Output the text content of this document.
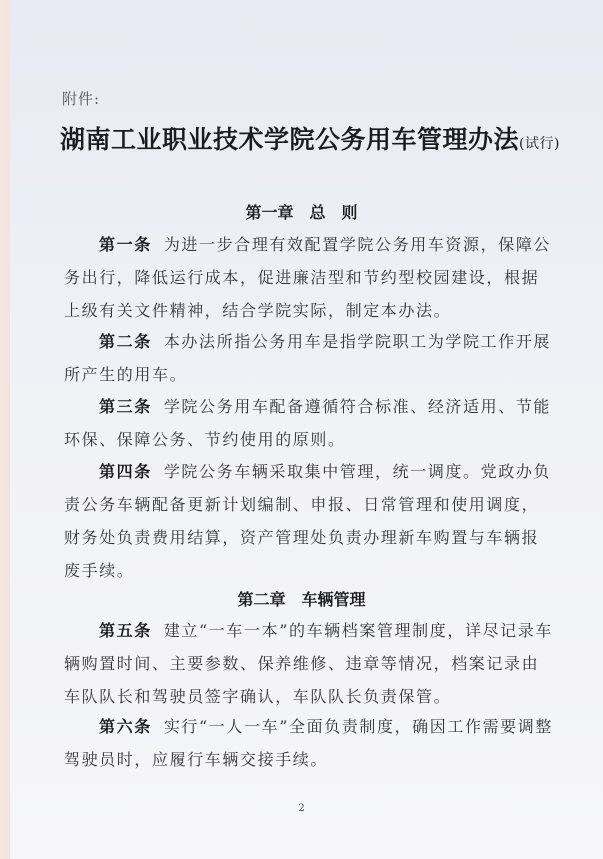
附件:
湖南工业职业技术学院公务用车管理办法(试行)
第一章　总　则
第一条 为进一步合理有效配置学院公务用车资源，保障公务出行，降低运行成本，促进廉洁型和节约型校园建设，根据上级有关文件精神，结合学院实际，制定本办法。
第二条 本办法所指公务用车是指学院职工为学院工作开展所产生的用车。
第三条 学院公务用车配备遵循符合标准、经济适用、节能环保、保障公务、节约使用的原则。
第四条 学院公务车辆采取集中管理，统一调度。党政办负责公务车辆配备更新计划编制、申报、日常管理和使用调度，财务处负责费用结算，资产管理处负责办理新车购置与车辆报废手续。
第二章　车辆管理
第五条 建立“一车一本”的车辆档案管理制度，详尽记录车辆购置时间、主要参数、保养维修、违章等情况，档案记录由车队队长和驾驶员签字确认，车队队长负责保管。
第六条 实行“一人一车”全面负责制度，确因工作需要调整驾驶员时，应履行车辆交接手续。
2
